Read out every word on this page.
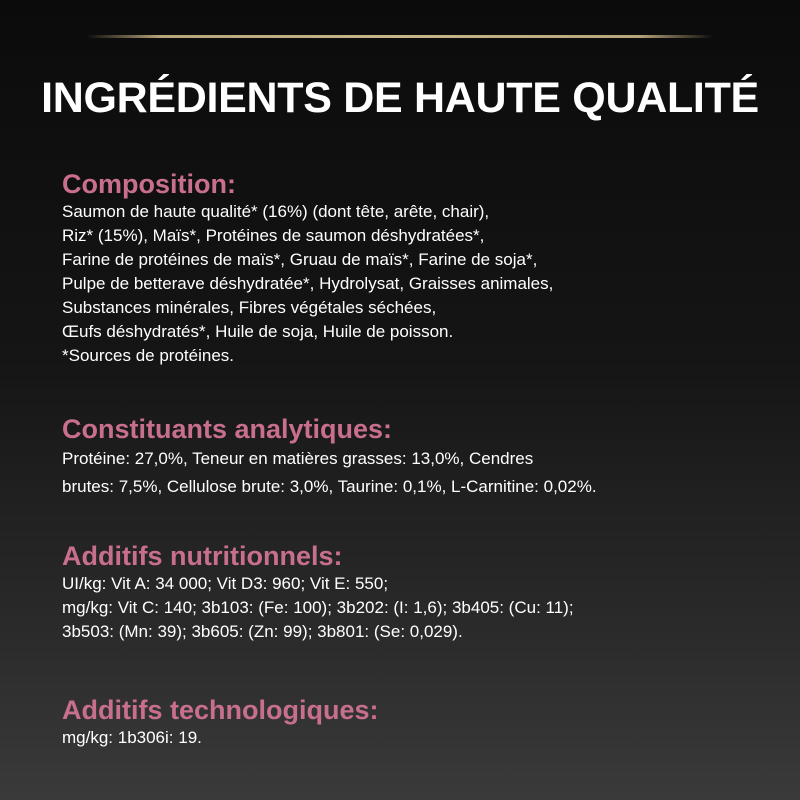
INGRÉDIENTS DE HAUTE QUALITÉ
Composition:

Saumon de haute qualité* (16%) (dont tête, arête, chair),
Riz* (15%), Maïs*, Protéines de saumon déshydratées*,
Farine de protéines de maïs*, Gruau de maïs*, Farine de soja*,
Pulpe de betterave déshydratée*, Hydrolysat, Graisses animales,
Substances minérales, Fibres végétales séchées,
Œufs déshydratés*, Huile de soja, Huile de poisson.
*Sources de protéines.

Constituants analytiques:

Protéine: 27,0%, Teneur en matières grasses: 13,0%, Cendres
brutes: 7,5%, Cellulose brute: 3,0%, Taurine: 0,1%, L-Carnitine: 0,02%.

Additifs nutritionnels:

UI/kg: Vit A: 34 000; Vit D3: 960; Vit E: 550;
mg/kg: Vit C: 140; 3b103: (Fe: 100); 3b202: (I: 1,6); 3b405: (Cu: 11);
3b503: (Mn: 39); 3b605: (Zn: 99); 3b801: (Se: 0,029).

Additifs technologiques:

mg/kg: 1b306i: 19.
